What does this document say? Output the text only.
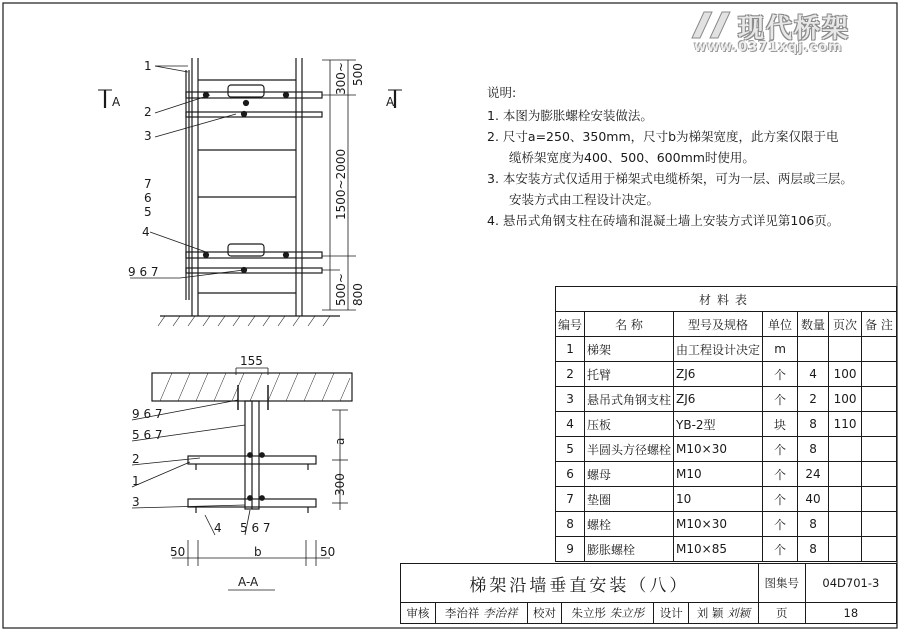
A	A
1
2
3
7
6
5
4
9 6 7
300~ 500
1500~2000
500~ 800
155
9 6 7
5 6 7
2
1
3
4 5 6 7
a
300
50	b	50
A-A
现代桥架
www.0371xqj.com
说明:
1. 本图为膨胀螺栓安装做法。
2. 尺寸a=250、350mm，尺寸b为梯架宽度，此方案仅限于电
缆桥架宽度为400、500、600mm时使用。
3. 本安装方式仅适用于梯架式电缆桥架，可为一层、两层或三层。
安装方式由工程设计决定。
4. 悬吊式角钢支柱在砖墙和混凝土墙上安装方式详见第106页。
材料表						
编号	名 称	型号及规格	单位	数量	页次	备 注
1	梯架	由工程设计决定	m			
2	托臂	ZJ6	个	4	100	
3	悬吊式角钢支柱	ZJ6	个	2	100	
4	压板	YB-2型	块	8	110	
5	半圆头方径螺栓	M10×30	个	8		
6	螺母	M10	个	24		
7	垫圈	10	个	40		
8	螺栓	M10×30	个	8		
9	膨胀螺栓	M10×85	个	8		
梯架沿墙垂直安装（八）						图集号	04D701-3
审核	李治祥 李治祥	校对	朱立彤 朱立彤	设计	刘 颖 刘颖	页	18
